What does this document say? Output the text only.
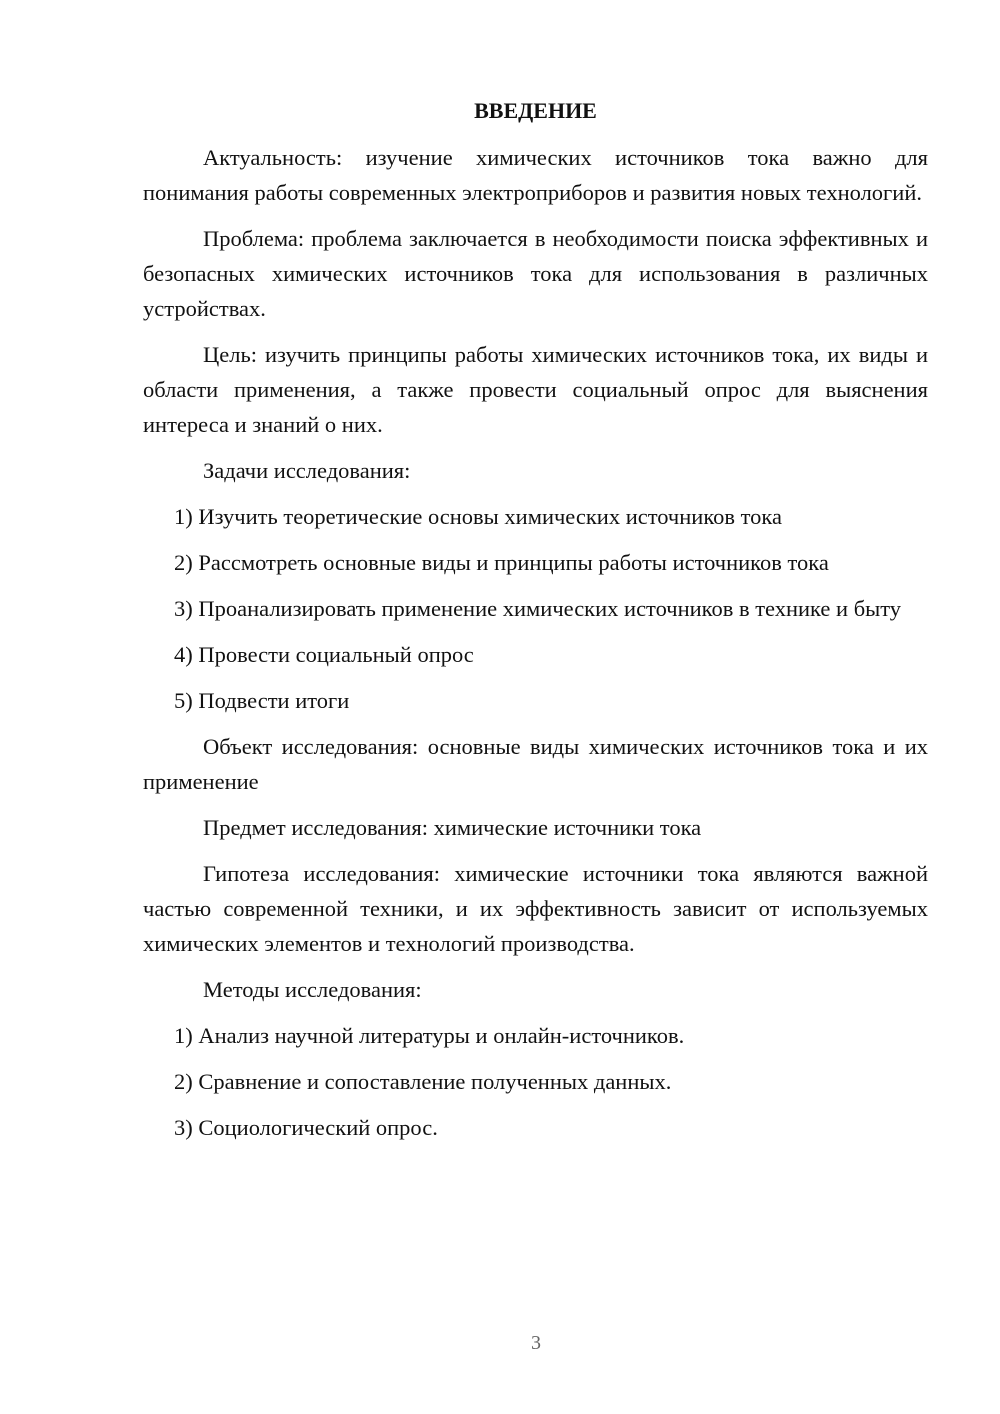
ВВЕДЕНИЕ

Актуальность: изучение химических источников тока важно для понимания работы современных электроприборов и развития новых технологий.

Проблема: проблема заключается в необходимости поиска эффективных и безопасных химических источников тока для использования в различных устройствах.

Цель: изучить принципы работы химических источников тока, их виды и области применения, а также провести социальный опрос для выяснения интереса и знаний о них.

Задачи исследования:

1) Изучить теоретические основы химических источников тока

2) Рассмотреть основные виды и принципы работы источников тока

3) Проанализировать применение химических источников в технике и быту

4) Провести социальный опрос

5) Подвести итоги

Объект исследования: основные виды химических источников тока и их применение

Предмет исследования: химические источники тока

Гипотеза исследования: химические источники тока являются важной частью современной техники, и их эффективность зависит от используемых химических элементов и технологий производства.

Методы исследования:

1) Анализ научной литературы и онлайн-источников.

2) Сравнение и сопоставление полученных данных.

3) Социологический опрос.

3
